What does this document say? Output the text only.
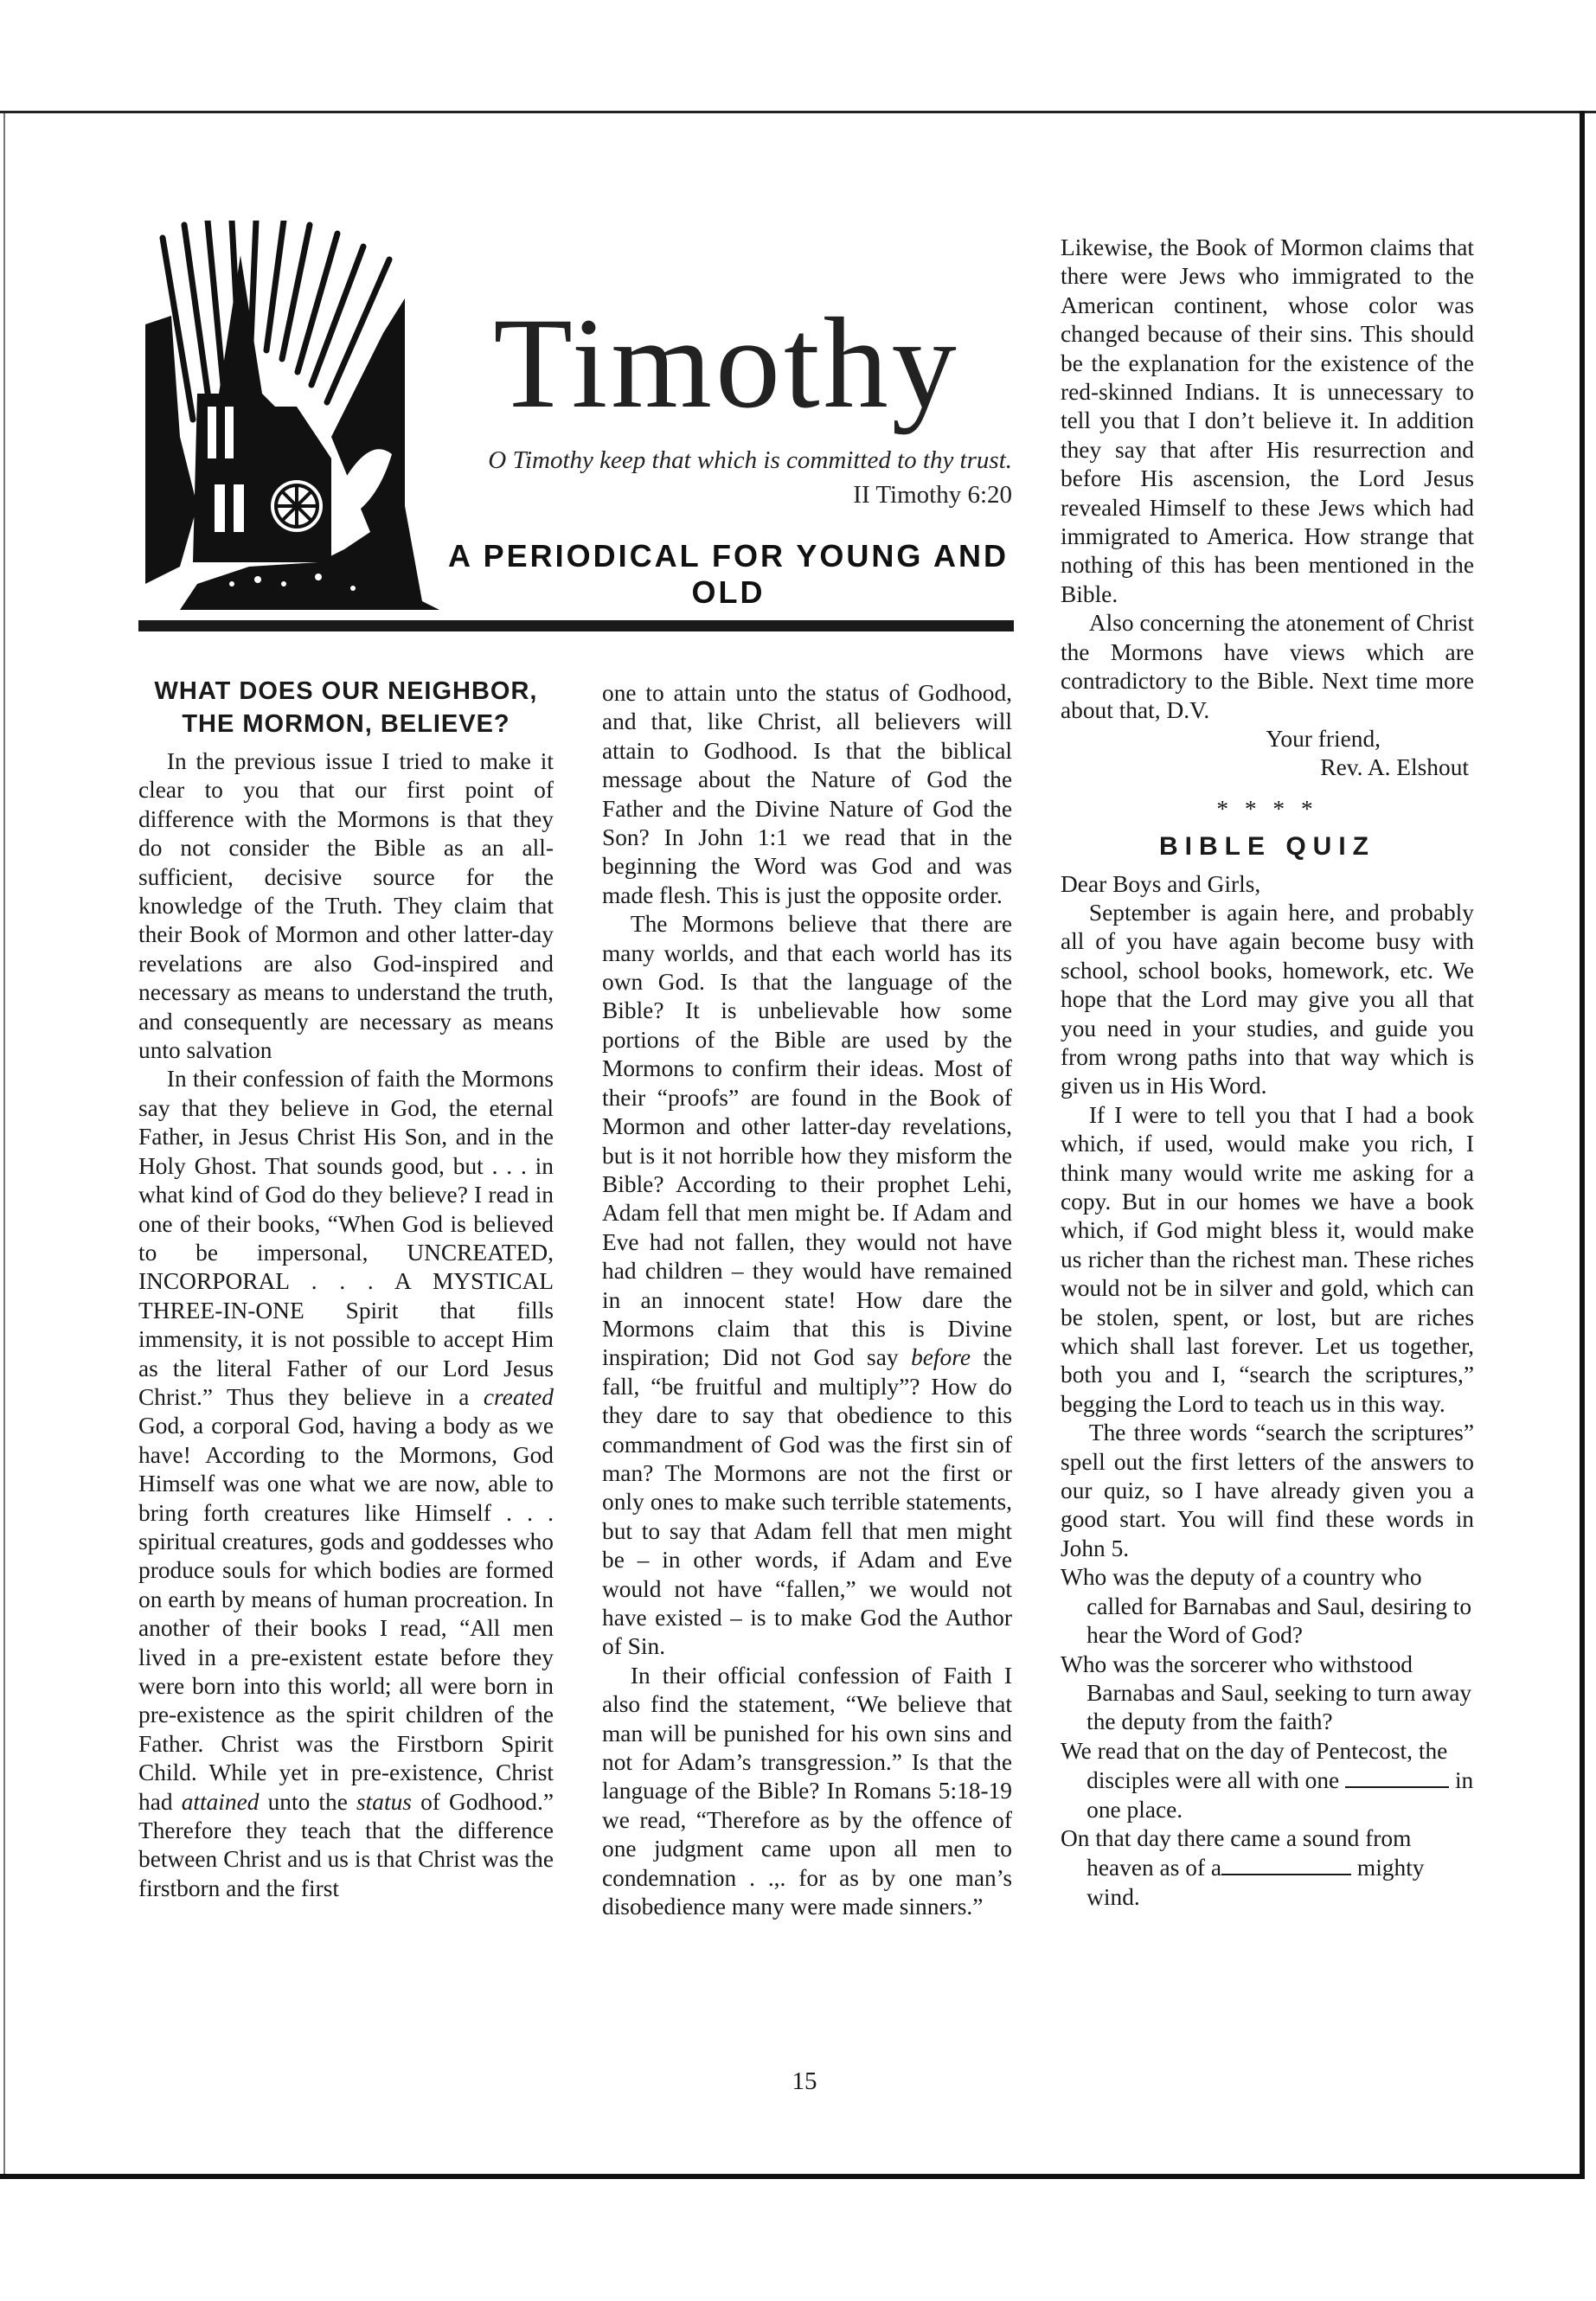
Timothy
O Timothy keep that which is committed to thy trust.
II Timothy 6:20
A PERIODICAL FOR YOUNG AND OLD
WHAT DOES OUR NEIGHBOR, THE MORMON, BELIEVE?

In the previous issue I tried to make it clear to you that our first point of difference with the Mormons is that they do not consider the Bible as an all-sufficient, decisive source for the knowledge of the Truth. They claim that their Book of Mormon and other latter-day revelations are also God-inspired and necessary as means to understand the truth, and consequently are necessary as means unto salvation

In their confession of faith the Mormons say that they believe in God, the eternal Father, in Jesus Christ His Son, and in the Holy Ghost. That sounds good, but . . . in what kind of God do they believe? I read in one of their books, “When God is believed to be impersonal, UNCREATED, INCORPORAL . . . A MYSTICAL THREE-IN-ONE Spirit that fills immensity, it is not possible to accept Him as the literal Father of our Lord Jesus Christ.” Thus they believe in a created God, a corporal God, having a body as we have! According to the Mormons, God Himself was one what we are now, able to bring forth creatures like Himself . . . spiritual creatures, gods and goddesses who produce souls for which bodies are formed on earth by means of human procreation. In another of their books I read, “All men lived in a pre-existent estate before they were born into this world; all were born in pre-existence as the spirit children of the Father. Christ was the Firstborn Spirit Child. While yet in pre-existence, Christ had attained unto the status of Godhood.” Therefore they teach that the difference between Christ and us is that Christ was the firstborn and the first

one to attain unto the status of Godhood, and that, like Christ, all believers will attain to Godhood. Is that the biblical message about the Nature of God the Father and the Divine Nature of God the Son? In John 1:1 we read that in the beginning the Word was God and was made flesh. This is just the opposite order.

The Mormons believe that there are many worlds, and that each world has its own God. Is that the language of the Bible? It is unbelievable how some portions of the Bible are used by the Mormons to confirm their ideas. Most of their “proofs” are found in the Book of Mormon and other latter-day revelations, but is it not horrible how they misform the Bible? According to their prophet Lehi, Adam fell that men might be. If Adam and Eve had not fallen, they would not have had children – they would have remained in an innocent state! How dare the Mormons claim that this is Divine inspiration; Did not God say before the fall, “be fruitful and multiply”? How do they dare to say that obedience to this commandment of God was the first sin of man? The Mormons are not the first or only ones to make such terrible statements, but to say that Adam fell that men might be – in other words, if Adam and Eve would not have “fallen,” we would not have existed – is to make God the Author of Sin.

In their official confession of Faith I also find the statement, “We believe that man will be punished for his own sins and not for Adam’s transgression.” Is that the language of the Bible? In Romans 5:18-19 we read, “Therefore as by the offence of one judgment came upon all men to condemnation . .,. for as by one man’s disobedience many were made sinners.”

Likewise, the Book of Mormon claims that there were Jews who immigrated to the American continent, whose color was changed because of their sins. This should be the explanation for the existence of the red-skinned Indians. It is unnecessary to tell you that I don’t believe it. In addition they say that after His resurrection and before His ascension, the Lord Jesus revealed Himself to these Jews which had immigrated to America. How strange that nothing of this has been mentioned in the Bible.

Also concerning the atonement of Christ the Mormons have views which are contradictory to the Bible. Next time more about that, D.V.

Your friend,

Rev. A. Elshout

* * * *
BIBLE QUIZ

Dear Boys and Girls,

September is again here, and probably all of you have again become busy with school, school books, homework, etc. We hope that the Lord may give you all that you need in your studies, and guide you from wrong paths into that way which is given us in His Word.

If I were to tell you that I had a book which, if used, would make you rich, I think many would write me asking for a copy. But in our homes we have a book which, if God might bless it, would make us richer than the richest man. These riches would not be in silver and gold, which can be stolen, spent, or lost, but are riches which shall last forever. Let us together, both you and I, “search the scriptures,” begging the Lord to teach us in this way.

The three words “search the scriptures” spell out the first letters of the answers to our quiz, so I have already given you a good start. You will find these words in John 5.

Who was the deputy of a country who called for Barnabas and Saul, desiring to hear the Word of God?

Who was the sorcerer who withstood Barnabas and Saul, seeking to turn away the deputy from the faith?

We read that on the day of Pentecost, the disciples were all with one	in one place.

On that day there came a sound from heaven as of a	mighty wind.

15
